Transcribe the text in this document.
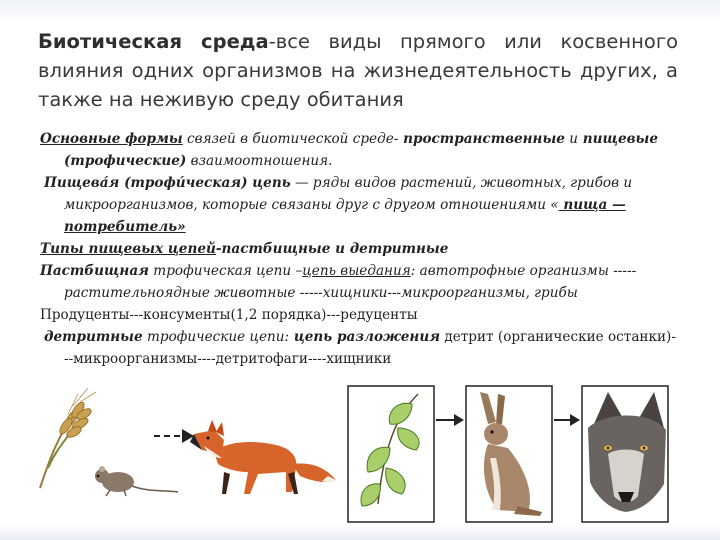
Биотическая среда-все виды прямого или косвенного влияния одних организмов на жизнедеятельность других, а также на неживую среду обитания

Основные формы связей в биотической среде- пространственные и пищевые (трофические) взаимоотношения.

Пищева́я (трофи́ческая) цепь — ряды видов растений, животных, грибов и микроорганизмов, которые связаны друг с другом отношениями « пища — потребитель»

Типы пищевых цепей-пастбищные и детритные

Пастбищная трофическая цепи –цепь выедания: автотрофные организмы -----растительноядные животные -----хищники---микроорганизмы, грибы

Продуценты---консументы(1,2 порядка)---редуценты

детритные трофические цепи: цепь разложения детрит (органические останки)---микроорганизмы----детритофаги----хищники
